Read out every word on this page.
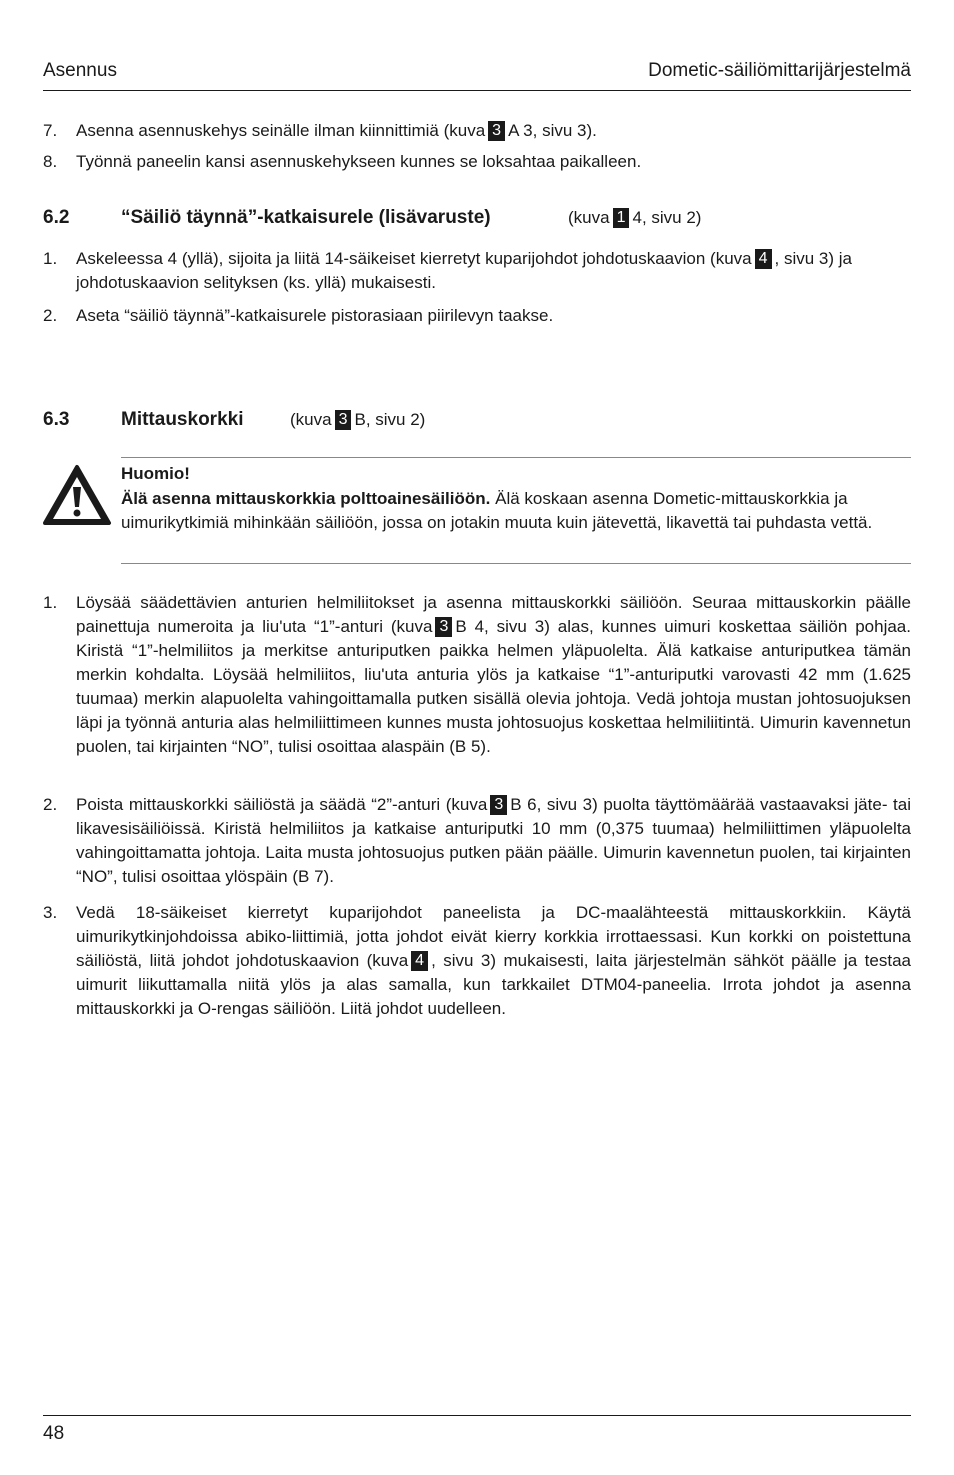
Asennus	Dometic-säiliömittarijärjestelmä
7. Asenna asennuskehys seinälle ilman kiinnittimiä (kuva 3 A 3, sivu 3).
8. Työnnä paneelin kansi asennuskehykseen kunnes se loksahtaa paikalleen.
6.2	“Säiliö täynnä”-katkaisurele (lisävaruste)	(kuva 1 4, sivu 2)
1. Askeleessa 4 (yllä), sijoita ja liitä 14-säikeiset kierretyt kuparijohdot johdotuskaavion (kuva 4 , sivu 3) ja johdotuskaavion selityksen (ks. yllä) mukaisesti.
2. Aseta “säiliö täynnä”-katkaisurele pistorasiaan piirilevyn taakse.
6.3	Mittauskorkki	(kuva 3 B, sivu 2)
Huomio!
Älä asenna mittauskorkkia polttoainesäiliöön. Älä koskaan asenna Dometic-mittauskorkkia ja uimurikytkimiä mihinkään säiliöön, jossa on jotakin muuta kuin jätevettä, likavettä tai puhdasta vettä.
1. Löysää säädettävien anturien helmiliitokset ja asenna mittauskorkki säiliöön. Seuraa mittauskorkin päälle painettuja numeroita ja liu'uta “1”-anturi (kuva 3 B 4, sivu 3) alas, kunnes uimuri koskettaa säiliön pohjaa. Kiristä “1”-helmiliitos ja merkitse anturiputken paikka helmen yläpuolelta. Älä katkaise anturiputkea tämän merkin kohdalta. Löysää helmiliitos, liu'uta anturia ylös ja katkaise “1”-anturiputki varovasti 42 mm (1.625 tuumaa) merkin alapuolelta vahingoittamalla putken sisällä olevia johtoja. Vedä johtoja mustan johtosuojuksen läpi ja työnnä anturia alas helmiliittimeen kunnes musta johtosuojus koskettaa helmiliitintä. Uimurin kavennetun puolen, tai kirjainten “NO”, tulisi osoittaa alaspäin (B 5).
2. Poista mittauskorkki säiliöstä ja säädä “2”-anturi (kuva 3 B 6, sivu 3) puolta täyttömäärää vastaavaksi jäte- tai likavesisäiliöissä. Kiristä helmiliitos ja katkaise anturiputki 10 mm (0,375 tuumaa) helmiliittimen yläpuolelta vahingoittamatta johtoja. Laita musta johtosuojus putken pään päälle. Uimurin kavennetun puolen, tai kirjainten “NO”, tulisi osoittaa ylöspäin (B 7).
3. Vedä 18-säikeiset kierretyt kuparijohdot paneelista ja DC-maalähteestä mittauskorkkiin. Käytä uimurikytkinjohdoissa abiko-liittimiä, jotta johdot eivät kierry korkkia irrottaessasi. Kun korkki on poistettuna säiliöstä, liitä johdot johdotuskaavion (kuva 4 , sivu 3) mukaisesti, laita järjestelmän sähköt päälle ja testaa uimurit liikuttamalla niitä ylös ja alas samalla, kun tarkkailet DTM04-paneelia. Irrota johdot ja asenna mittauskorkki ja O-rengas säiliöön. Liitä johdot uudelleen.
48
